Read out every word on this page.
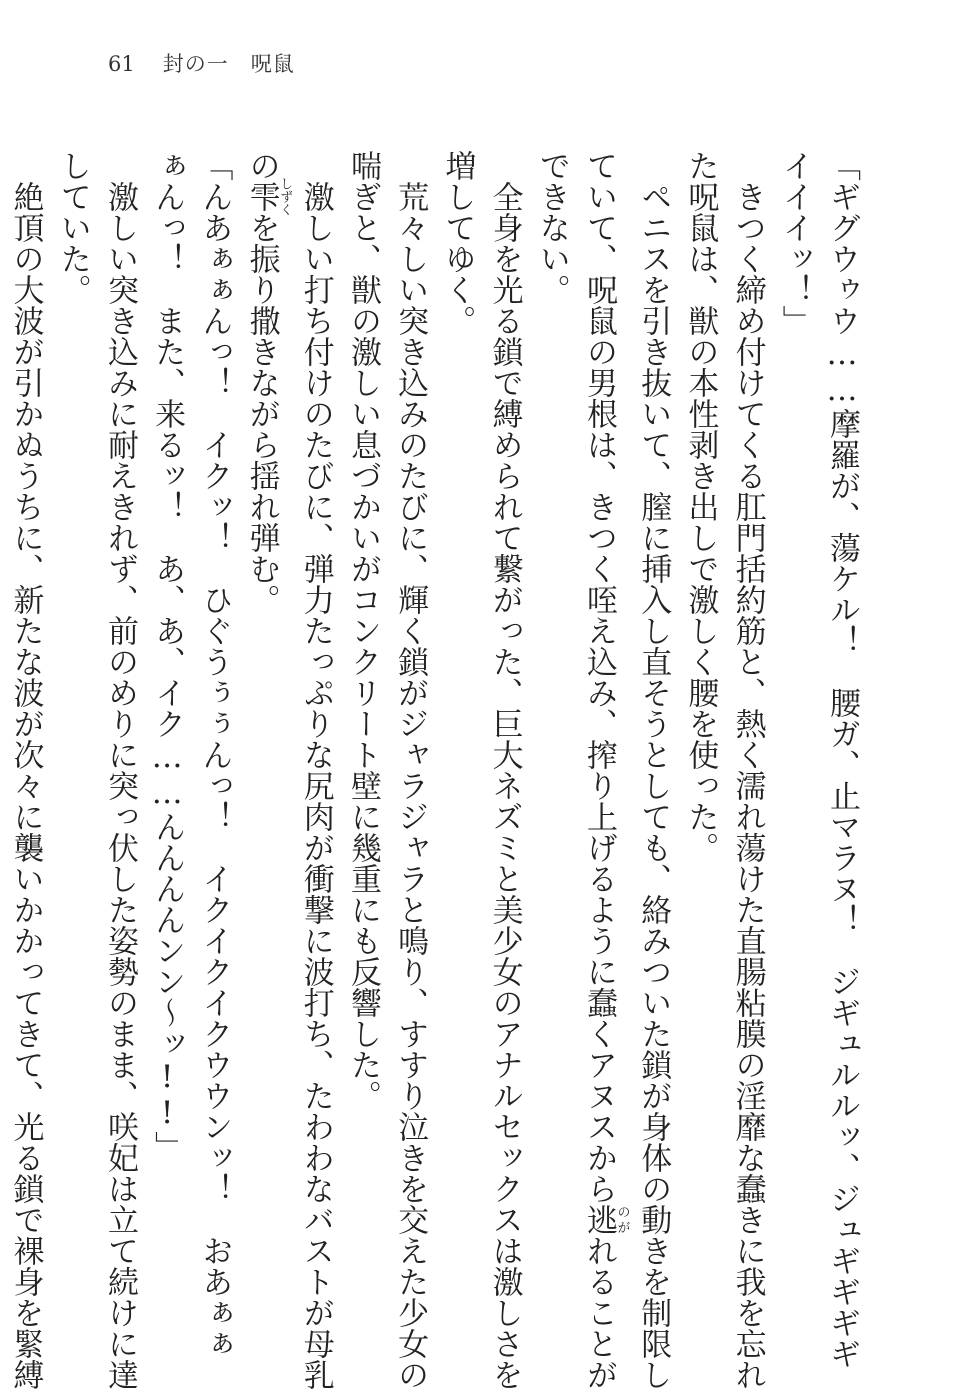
61 封の一　呪鼠

「ギグウゥウ……摩羅が、蕩ケル！　腰ガ、止マラヌ！　ジギュルルッ、ジュギギギギ

イイイッ！」

　きつく締め付けてくる肛門括約筋と、熱く濡れ蕩けた直腸粘膜の淫靡な蠢きに我を忘れ

た呪鼠は、獣の本性剥き出しで激しく腰を使った。

　ペニスを引き抜いて、膣に挿入し直そうとしても、絡みついた鎖が身体の動きを制限し

ていて、呪鼠の男根は、きつく咥え込み、搾り上げるように蠢くアヌスから逃のがれることが

できない。

　全身を光る鎖で縛められて繋がった、巨大ネズミと美少女のアナルセックスは激しさを

増してゆく。

　荒々しい突き込みのたびに、輝く鎖がジャラジャラと鳴り、すすり泣きを交えた少女の

喘ぎと、獣の激しい息づかいがコンクリート壁に幾重にも反響した。

　激しい打ち付けのたびに、弾力たっぷりな尻肉が衝撃に波打ち、たわわなバストが母乳

の雫しずくを振り撒きながら揺れ弾む。

「んあぁぁんっ！　イクッ！　ひぐうぅぅんっ！　イクイクイクウウンッ！　おあぁぁ

ぁんっ！　また、来るッ！　あ、あ、イク……んんんんンン〜ッ!!」

　激しい突き込みに耐えきれず、前のめりに突っ伏した姿勢のまま、咲妃は立て続けに達

していた。

　絶頂の大波が引かぬうちに、新たな波が次々に襲いかかってきて、光る鎖で裸身を緊縛
